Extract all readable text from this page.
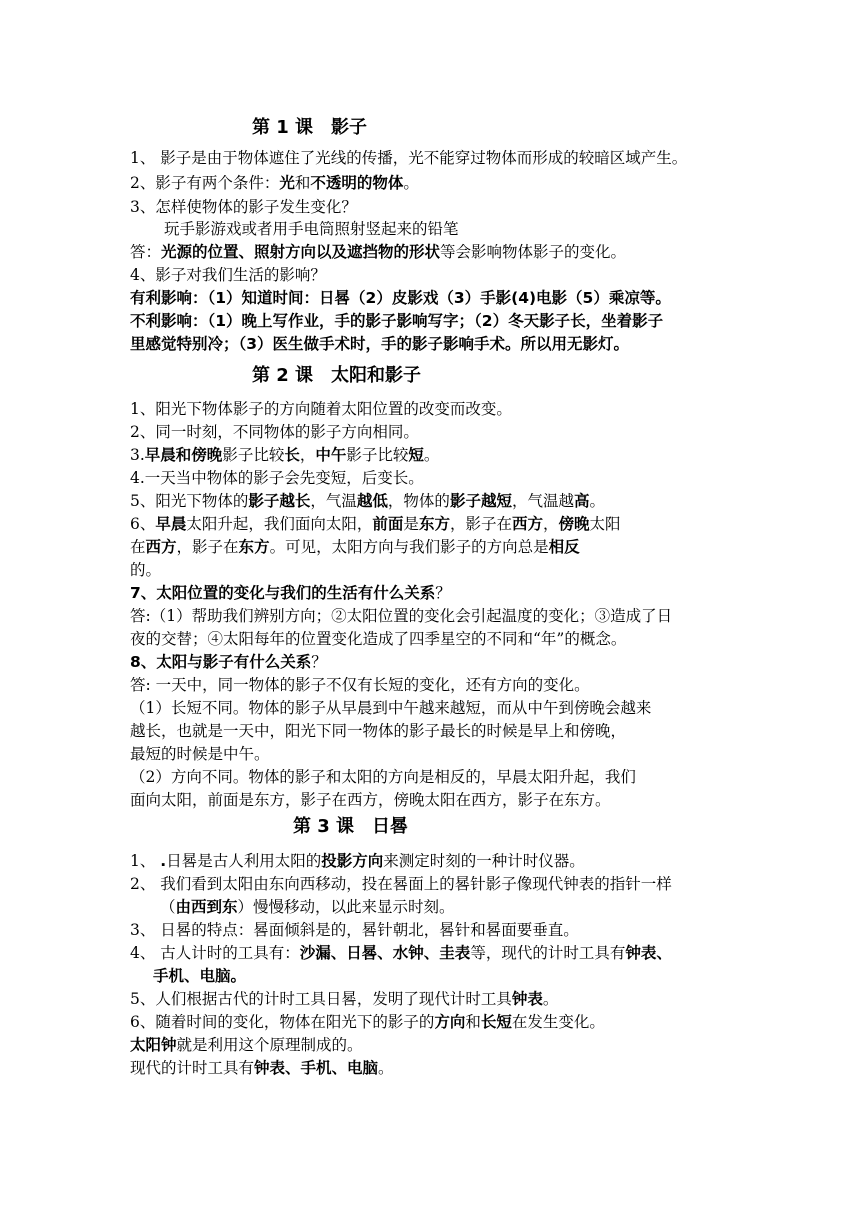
第 1 课　影子
1、 影子是由于物体遮住了光线的传播，光不能穿过物体而形成的较暗区域产生。
2、影子有两个条件：光和不透明的物体。
3、怎样使物体的影子发生变化？
玩手影游戏或者用手电筒照射竖起来的铅笔
答：光源的位置、照射方向以及遮挡物的形状等会影响物体影子的变化。
4、影子对我们生活的影响？
有利影响：（1）知道时间：日晷（2）皮影戏（3）手影(4)电影（5）乘凉等。
不利影响：（1）晚上写作业，手的影子影响写字；（2）冬天影子长，坐着影子
里感觉特别冷；（3）医生做手术时，手的影子影响手术。所以用无影灯。
第 2 课　太阳和影子
1、阳光下物体影子的方向随着太阳位置的改变而改变。
2、同一时刻，不同物体的影子方向相同。
3.早晨和傍晚影子比较长，中午影子比较短。
4.一天当中物体的影子会先变短，后变长。
5、阳光下物体的影子越长，气温越低，物体的影子越短，气温越高。
6、早晨太阳升起，我们面向太阳，前面是东方，影子在西方，傍晚太阳
在西方，影子在东方。可见，太阳方向与我们影子的方向总是相反
的。
7、太阳位置的变化与我们的生活有什么关系？
答:（1）帮助我们辨别方向；②太阳位置的变化会引起温度的变化；③造成了日
夜的交替；④太阳每年的位置变化造成了四季星空的不同和“年”的概念。
8、太阳与影子有什么关系？
答: 一天中，同一物体的影子不仅有长短的变化，还有方向的变化。
（1）长短不同。物体的影子从早晨到中午越来越短，而从中午到傍晚会越来
越长，也就是一天中，阳光下同一物体的影子最长的时候是早上和傍晚，
最短的时候是中午。
（2）方向不同。物体的影子和太阳的方向是相反的，早晨太阳升起，我们
面向太阳，前面是东方，影子在西方，傍晚太阳在西方，影子在东方。
第 3 课　日晷
1、 .日晷是古人利用太阳的投影方向来测定时刻的一种计时仪器。
2、 我们看到太阳由东向西移动，投在晷面上的晷针影子像现代钟表的指针一样
（由西到东）慢慢移动，以此来显示时刻。
3、 日晷的特点：晷面倾斜是的，晷针朝北，晷针和晷面要垂直。
4、 古人计时的工具有：沙漏、日晷、水钟、圭表等，现代的计时工具有钟表、
手机、电脑。
5、人们根据古代的计时工具日晷，发明了现代计时工具钟表。
6、随着时间的变化，物体在阳光下的影子的方向和长短在发生变化。
太阳钟就是利用这个原理制成的。
现代的计时工具有钟表、手机、电脑。
